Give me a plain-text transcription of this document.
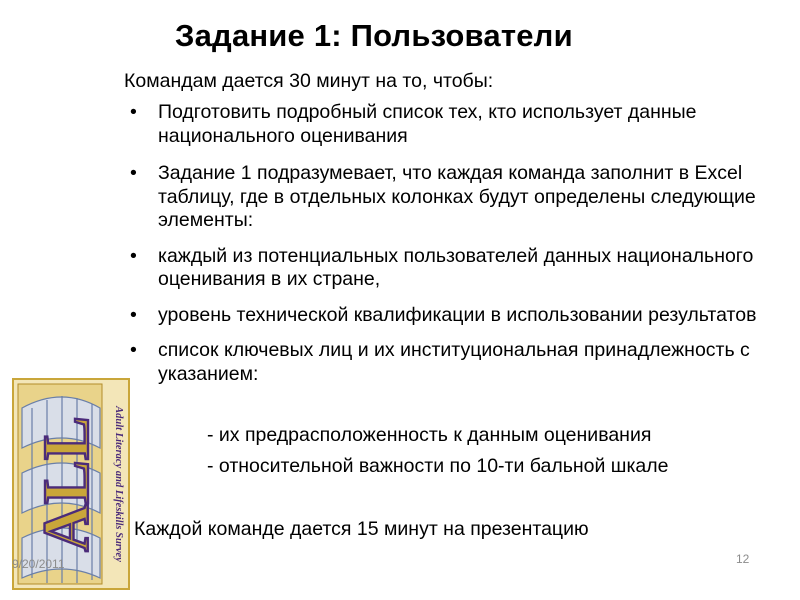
Задание 1: Пользователи
Командам дается 30 минут на то, чтобы:
• Подготовить подробный список тех, кто использует данные национального оценивания
• Задание 1 подразумевает, что каждая команда заполнит в Excel таблицу, где в отдельных колонках будут определены следующие элементы:
• каждый из потенциальных пользователей данных национального оценивания в их стране,
• уровень технической квалификации в использовании результатов
• список ключевых лиц и их институциональная принадлежность с указанием:
- их предрасположенность к данным оценивания
- относительной важности по 10-ти бальной шкале
Каждой команде дается 15 минут на презентацию
ALL Adult Literacy and Lifeskills Survey
9/20/2011	12
